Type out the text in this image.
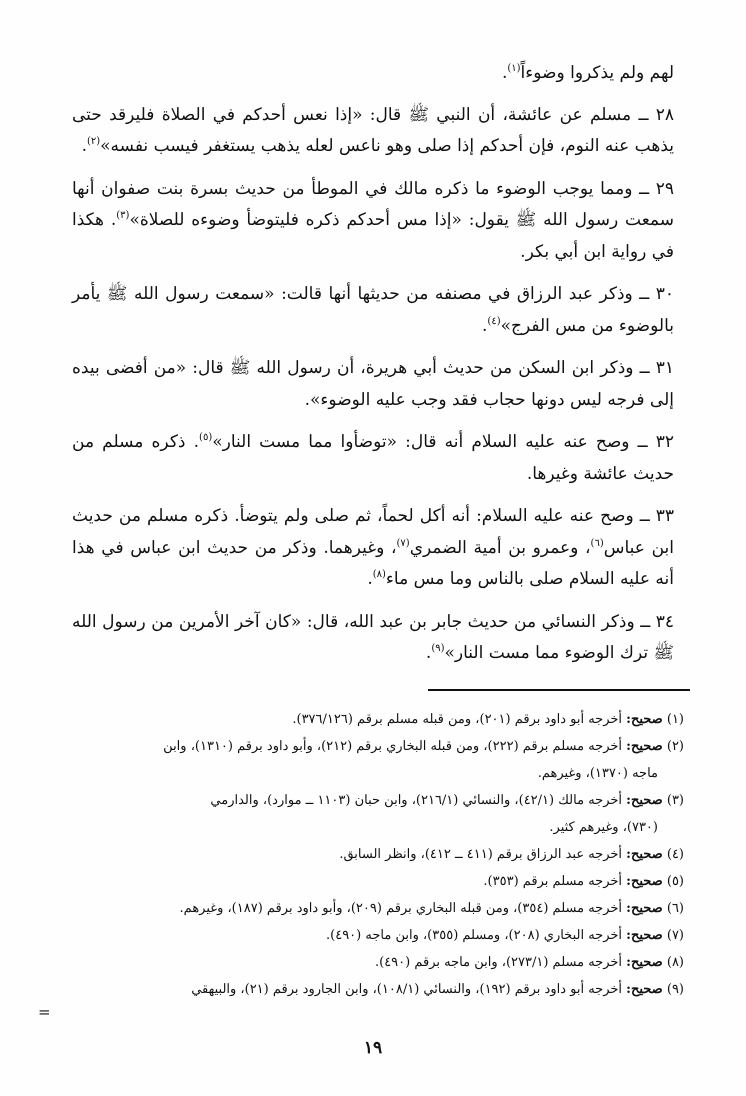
لهم ولم يذكروا وضوءاً$^{(١)}$.

٢٨ ــ مسلم عن عائشة، أن النبي ﷺ قال: «إذا نعس أحدكم في الصلاة فليرقد حتى يذهب عنه النوم، فإن أحدكم إذا صلى وهو ناعس لعله يذهب يستغفر فيسب نفسه»$^{(٢)}$.

٢٩ ــ ومما يوجب الوضوء ما ذكره مالك في الموطأ من حديث بسرة بنت صفوان أنها سمعت رسول الله ﷺ يقول: «إذا مس أحدكم ذكره فليتوضأ وضوءه للصلاة»$^{(٣)}$. هكذا في رواية ابن أبي بكر.

٣٠ ــ وذكر عبد الرزاق في مصنفه من حديثها أنها قالت: «سمعت رسول الله ﷺ يأمر بالوضوء من مس الفرج»$^{(٤)}$.

٣١ ــ وذكر ابن السكن من حديث أبي هريرة، أن رسول الله ﷺ قال: «من أفضى بيده إلى فرجه ليس دونها حجاب فقد وجب عليه الوضوء».

٣٢ ــ وصح عنه عليه السلام أنه قال: «توضأوا مما مست النار»$^{(٥)}$. ذكره مسلم من حديث عائشة وغيرها.

٣٣ ــ وصح عنه عليه السلام: أنه أكل لحماً، ثم صلى ولم يتوضأ. ذكره مسلم من حديث ابن عباس$^{(٦)}$، وعمرو بن أمية الضمري$^{(٧)}$، وغيرهما. وذكر من حديث ابن عباس في هذا أنه عليه السلام صلى بالناس وما مس ماء$^{(٨)}$.

٣٤ ــ وذكر النسائي من حديث جابر بن عبد الله، قال: «كان آخر الأمرين من رسول الله ﷺ ترك الوضوء مما مست النار»$^{(٩)}$.

(١) صحيح: أخرجه أبو داود برقم (٢٠١)، ومن قبله مسلم برقم (٣٧٦/١٢٦).
(٢) صحيح: أخرجه مسلم برقم (٢٢٢)، ومن قبله البخاري برقم (٢١٢)، وأبو داود برقم (١٣١٠)، وابن
ماجه (١٣٧٠)، وغيرهم.
(٣) صحيح: أخرجه مالك (٤٢/١)، والنسائي (٢١٦/١)، وابن حبان (١١٠٣ ــ موارد)، والدارمي
(٧٣٠)، وغيرهم كثير.
(٤) صحيح: أخرجه عبد الرزاق برقم (٤١١ ــ ٤١٢)، وانظر السابق.
(٥) صحيح: أخرجه مسلم برقم (٣٥٣).
(٦) صحيح: أخرجه مسلم (٣٥٤)، ومن قبله البخاري برقم (٢٠٩)، وأبو داود برقم (١٨٧)، وغيرهم.
(٧) صحيح: أخرجه البخاري (٢٠٨)، ومسلم (٣٥٥)، وابن ماجه (٤٩٠).
(٨) صحيح: أخرجه مسلم (٢٧٣/١)، وابن ماجه برقم (٤٩٠).
(٩) صحيح: أخرجه أبو داود برقم (١٩٢)، والنسائي (١٠٨/١)، وابن الجارود برقم (٢١)، والبيهقي
=
١٩
